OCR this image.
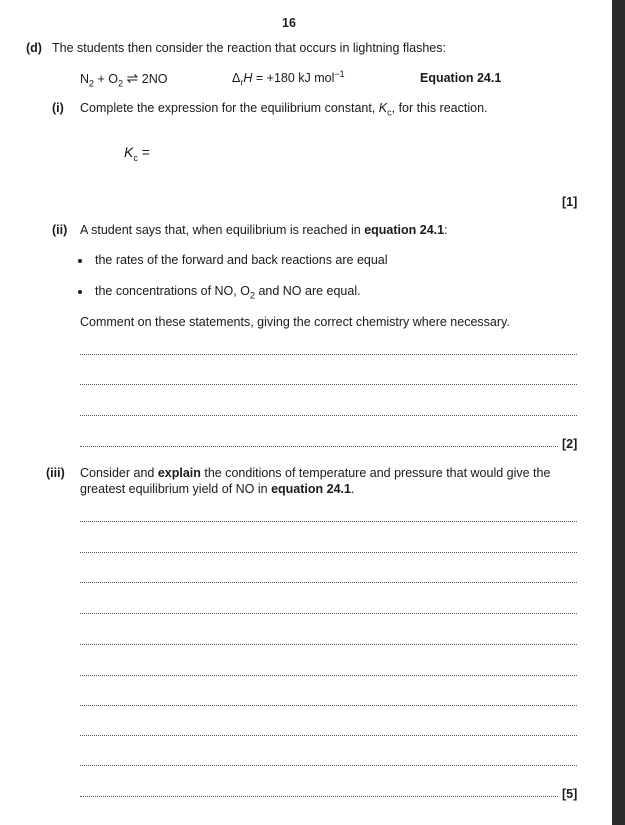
16
(d) The students then consider the reaction that occurs in lightning flashes:
$N_2 + O_2$ ⇌ 2NO	$\Delta_rH = +180$ kJ mol$^{-1}$	Equation 24.1
(i) Complete the expression for the equilibrium constant, $K_c$, for this reaction.
$K_c$ =
[1]
(ii) A student says that, when equilibrium is reached in equation 24.1:
the rates of the forward and back reactions are equal
the concentrations of NO, $O_2$ and NO are equal.
Comment on these statements, giving the correct chemistry where necessary.
[2]
(iii) Consider and explain the conditions of temperature and pressure that would give the
greatest equilibrium yield of NO in equation 24.1.
[5]
